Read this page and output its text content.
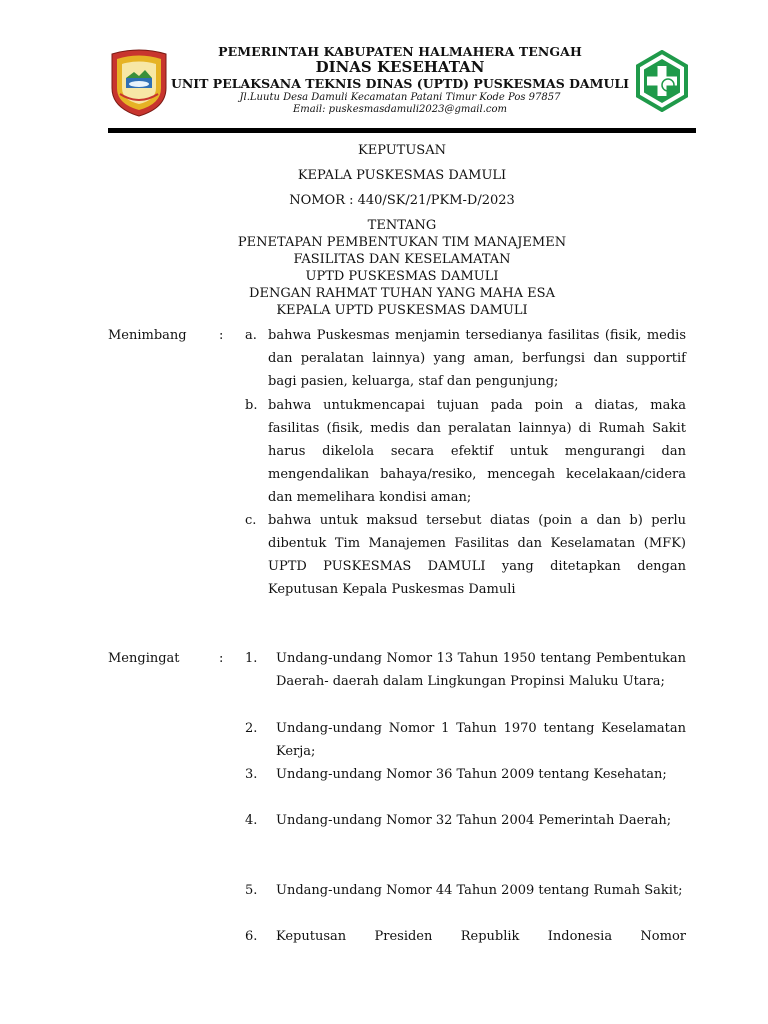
PEMERINTAH KABUPATEN HALMAHERA TENGAH
DINAS KESEHATAN
UNIT PELAKSANA TEKNIS DINAS (UPTD) PUSKESMAS DAMULI
Jl.Luutu Desa Damuli Kecamatan Patani Timur Kode Pos 97857
Email: puskesmasdamuli2023@gmail.com
KEPUTUSAN
KEPALA PUSKESMAS DAMULI
NOMOR : 440/SK/21/PKM-D/2023
TENTANG
PENETAPAN PEMBENTUKAN TIM MANAJEMEN
FASILITAS DAN KESELAMATAN
UPTD PUSKESMAS DAMULI
DENGAN RAHMAT TUHAN YANG MAHA ESA
KEPALA UPTD PUSKESMAS DAMULI
Menimbang : a. bahwa Puskesmas menjamin tersedianya fasilitas (fisik, medis dan peralatan lainnya) yang aman, berfungsi dan supportif bagi pasien, keluarga, staf dan pengunjung;
b. bahwa untukmencapai tujuan pada poin a diatas, maka fasilitas (fisik, medis dan peralatan lainnya) di Rumah Sakit harus dikelola secara efektif untuk mengurangi dan mengendalikan bahaya/resiko, mencegah kecelakaan/cidera dan memelihara kondisi aman;
c. bahwa untuk maksud tersebut diatas (poin a dan b) perlu dibentuk Tim Manajemen Fasilitas dan Keselamatan (MFK) UPTD PUSKESMAS DAMULI yang ditetapkan dengan Keputusan Kepala Puskesmas Damuli
Mengingat	: 1. Undang-undang Nomor 13 Tahun 1950 tentang Pembentukan Daerah- daerah dalam Lingkungan Propinsi Maluku Utara;
2. Undang-undang Nomor 1 Tahun 1970 tentang Keselamatan Kerja;
3. Undang-undang Nomor 36 Tahun 2009 tentang Kesehatan;
4. Undang-undang Nomor 32 Tahun 2004 Pemerintah Daerah;
5. Undang-undang Nomor 44 Tahun 2009 tentang Rumah Sakit;
6. Keputusan Presiden Republik Indonesia Nomor
